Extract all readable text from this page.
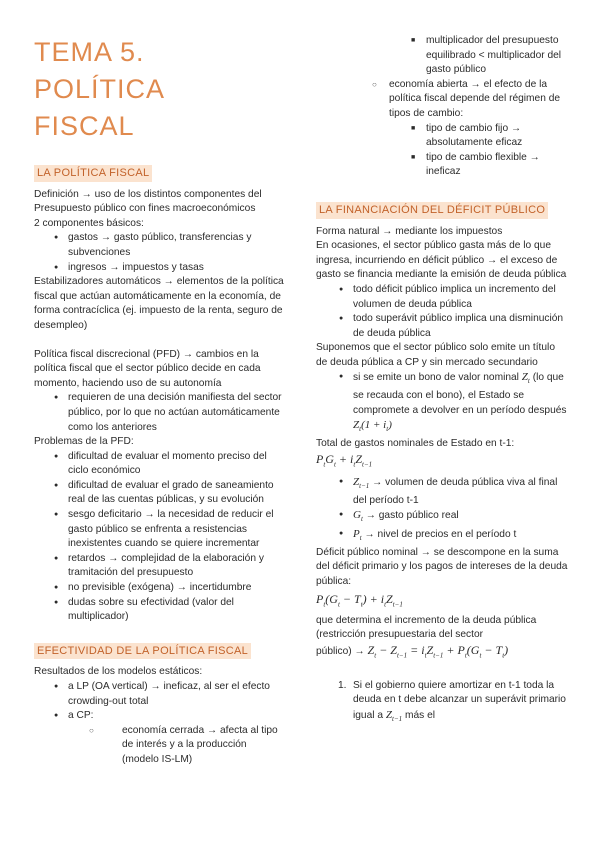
TEMA 5. POLÍTICA
FISCAL
LA POLÍTICA FISCAL

Definición → uso de los distintos componentes del Presupuesto público con fines macroeconómicos

2 componentes básicos:

● gastos → gasto público, transferencias y subvenciones
● ingresos → impuestos y tasas

Estabilizadores automáticos → elementos de la política fiscal que actúan automáticamente en la economía, de forma contracíclica (ej. impuesto de la renta, seguro de desempleo)

Política fiscal discrecional (PFD) → cambios en la política fiscal que el sector público decide en cada momento, haciendo uso de su autonomía

● requieren de una decisión manifiesta del sector público, por lo que no actúan automáticamente como los anteriores

Problemas de la PFD:

● dificultad de evaluar el momento preciso del ciclo económico
● dificultad de evaluar el grado de saneamiento real de las cuentas públicas, y su evolución
● sesgo deficitario → la necesidad de reducir el gasto público se enfrenta a resistencias inexistentes cuando se quiere incrementar
● retardos → complejidad de la elaboración y tramitación del presupuesto
● no previsible (exógena) → incertidumbre
● dudas sobre su efectividad (valor del multiplicador)
EFECTIVIDAD DE LA POLÍTICA FISCAL

Resultados de los modelos estáticos:

● a LP (OA vertical) → ineficaz, al ser el efecto crowding-out total
● a CP:
○ economía cerrada → afecta al tipo de interés y a la producción (modelo IS-LM)
■ multiplicador del presupuesto equilibrado < multiplicador del gasto público
○ economía abierta → el efecto de la política fiscal depende del régimen de tipos de cambio:
■ tipo de cambio fijo → absolutamente eficaz
■ tipo de cambio flexible → ineficaz
LA FINANCIACIÓN DEL DÉFICIT PÚBLICO

Forma natural → mediante los impuestos

En ocasiones, el sector público gasta más de lo que ingresa, incurriendo en déficit público → el exceso de gasto se financia mediante la emisión de deuda pública

● todo déficit público implica un incremento del volumen de deuda pública
● todo superávit público implica una disminución de deuda pública

Suponemos que el sector público solo emite un título de deuda pública a CP y sin mercado secundario

● si se emite un bono de valor nominal $Z_t$ (lo que se recauda con el bono), el Estado se compromete a devolver en un período después $Z_t(1 + i_t)$

Total de gastos nominales de Estado en t-1:

$P_tG_t + i_tZ_{t-1}$

● $Z_{t-1}$ → volumen de deuda pública viva al final del período t-1
● $G_t$ → gasto público real
● $P_t$ → nivel de precios en el período t

Déficit público nominal → se descompone en la suma del déficit primario y los pagos de intereses de la deuda pública:

$P_t(G_t - T_t) + i_tZ_{t-1}$

que determina el incremento de la deuda pública (restricción presupuestaria del sector

público) → $Z_t - Z_{t-1} = i_tZ_{t-1} + P_t(G_t - T_t)$

1. Si el gobierno quiere amortizar en t-1 toda la deuda en t debe alcanzar un superávit primario igual a $Z_{t-1}$ más el
